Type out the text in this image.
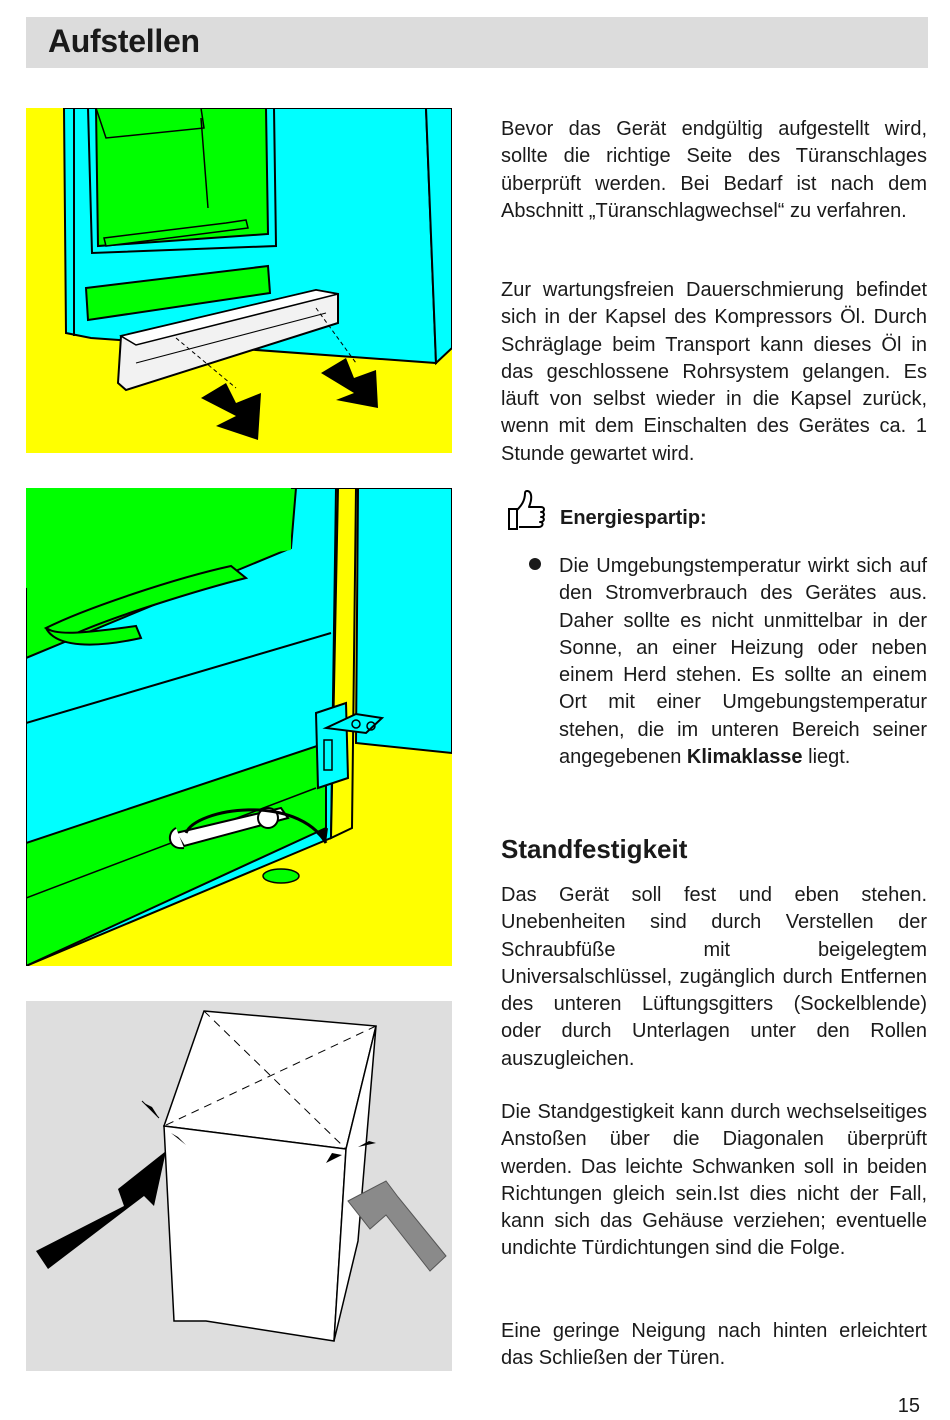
Aufstellen

Bevor das Gerät endgültig aufgestellt wird, sollte die richtige Seite des Türanschlages überprüft werden. Bei Bedarf ist nach dem Abschnitt „Türanschlagwechsel“ zu verfahren.

Zur wartungsfreien Dauerschmierung befindet sich in der Kapsel des Kompressors Öl. Durch Schräglage beim Transport kann dieses Öl in das geschlossene Rohrsystem gelangen. Es läuft von selbst wieder in die Kapsel zurück, wenn mit dem Einschalten des Gerätes ca. 1 Stunde gewartet wird.

Energiespartip:

Die Umgebungstemperatur wirkt sich auf den Stromverbrauch des Gerätes aus. Daher sollte es nicht unmittelbar in der Sonne, an einer Heizung oder neben einem Herd stehen. Es sollte an einem Ort mit einer Umgebungstemperatur stehen, die im unteren Bereich seiner angegebenen Klimaklasse liegt.

Standfestigkeit

Das Gerät soll fest und eben stehen. Unebenheiten sind durch Verstellen der Schraubfüße mit beigelegtem Universalschlüssel, zugänglich durch Entfernen des unteren Lüftungsgitters (Sockelblende) oder durch Unterlagen unter den Rollen auszugleichen.

Die Standgestigkeit kann durch wechselseitiges Anstoßen über die Diagonalen überprüft werden. Das leichte Schwanken soll in beiden Richtungen gleich sein.Ist dies nicht der Fall, kann sich das Gehäuse verziehen; eventuelle undichte Türdichtungen sind die Folge.

Eine geringe Neigung nach hinten erleichtert das Schließen der Türen.

15
